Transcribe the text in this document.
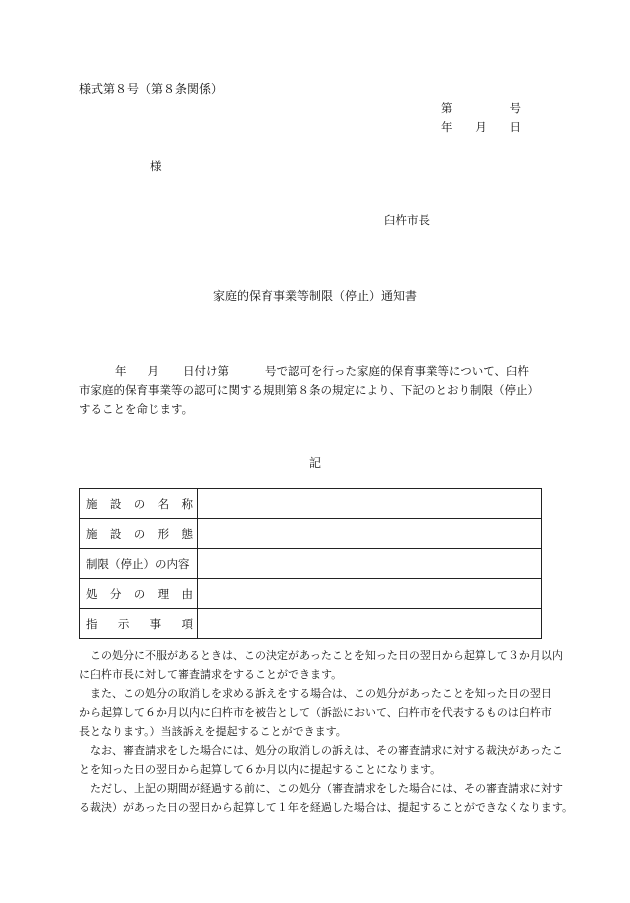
様式第８号（第８条関係）
第	号
年 月 日
様
臼杵市長
家庭的保育事業等制限（停止）通知書
年 月 日付け第	号で認可を行った家庭的保育事業等について、臼杵
市家庭的保育事業等の認可に関する規則第８条の規定により、下記のとおり制限（停止）
することを命じます。
記
施 設 の 名 称	

施 設 の 形 態	

制限（停止）の内容	

処 分 の 理 由	

指 示 事 項	

　この処分に不服があるときは、この決定があったことを知った日の翌日から起算して３か月以内
に臼杵市長に対して審査請求をすることができます。
　また、この処分の取消しを求める訴えをする場合は、この処分があったことを知った日の翌日
から起算して６か月以内に臼杵市を被告として（訴訟において、臼杵市を代表するものは臼杵市
長となります。）当該訴えを提起することができます。
　なお、審査請求をした場合には、処分の取消しの訴えは、その審査請求に対する裁決があったこ
とを知った日の翌日から起算して６か月以内に提起することになります。
　ただし、上記の期間が経過する前に、この処分（審査請求をした場合には、その審査請求に対す
る裁決）があった日の翌日から起算して１年を経過した場合は、提起することができなくなります。
